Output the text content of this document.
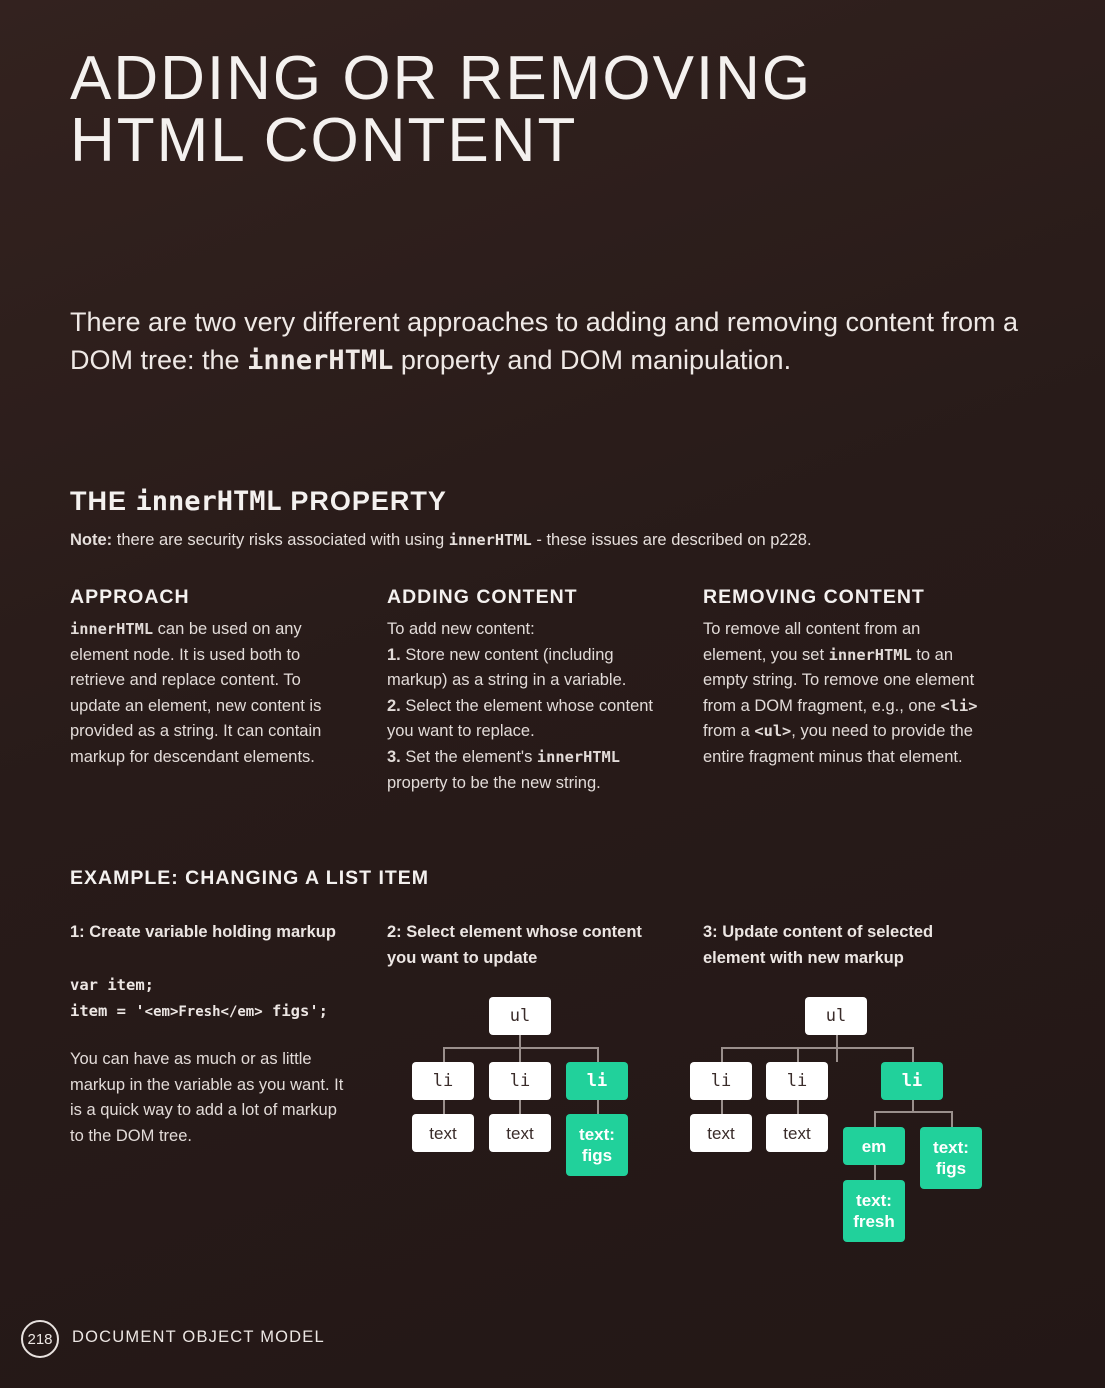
ADDING OR REMOVING
HTML CONTENT

There are two very different approaches to adding and removing content from a DOM tree: the innerHTML property and DOM manipulation.

THE innerHTML PROPERTY
Note: there are security risks associated with using innerHTML - these issues are described on p228.
APPROACH
innerHTML can be used on any element node. It is used both to retrieve and replace content. To update an element, new content is provided as a string. It can contain markup for descendant elements.
ADDING CONTENT

To add new content:

1. Store new content (including markup) as a string in a variable.

2. Select the element whose content you want to replace.

3. Set the element's innerHTML property to be the new string.

REMOVING CONTENT
To remove all content from an element, you set innerHTML to an empty string. To remove one element from a DOM fragment, e.g., one <li> from a <ul>, you need to provide the entire fragment minus that element.
EXAMPLE: CHANGING A LIST ITEM

1: Create variable holding markup

var item;
item = '<em>Fresh</em> figs';
You can have as much or as little markup in the variable as you want. It is a quick way to add a lot of markup to the DOM tree.

2: Select element whose content you want to update

ul
li	li	li
text	text	text:
figs

3: Update content of selected element with new markup

ul
li	li	li
text	text
em	text:
figs
text:
fresh
218	DOCUMENT OBJECT MODEL
